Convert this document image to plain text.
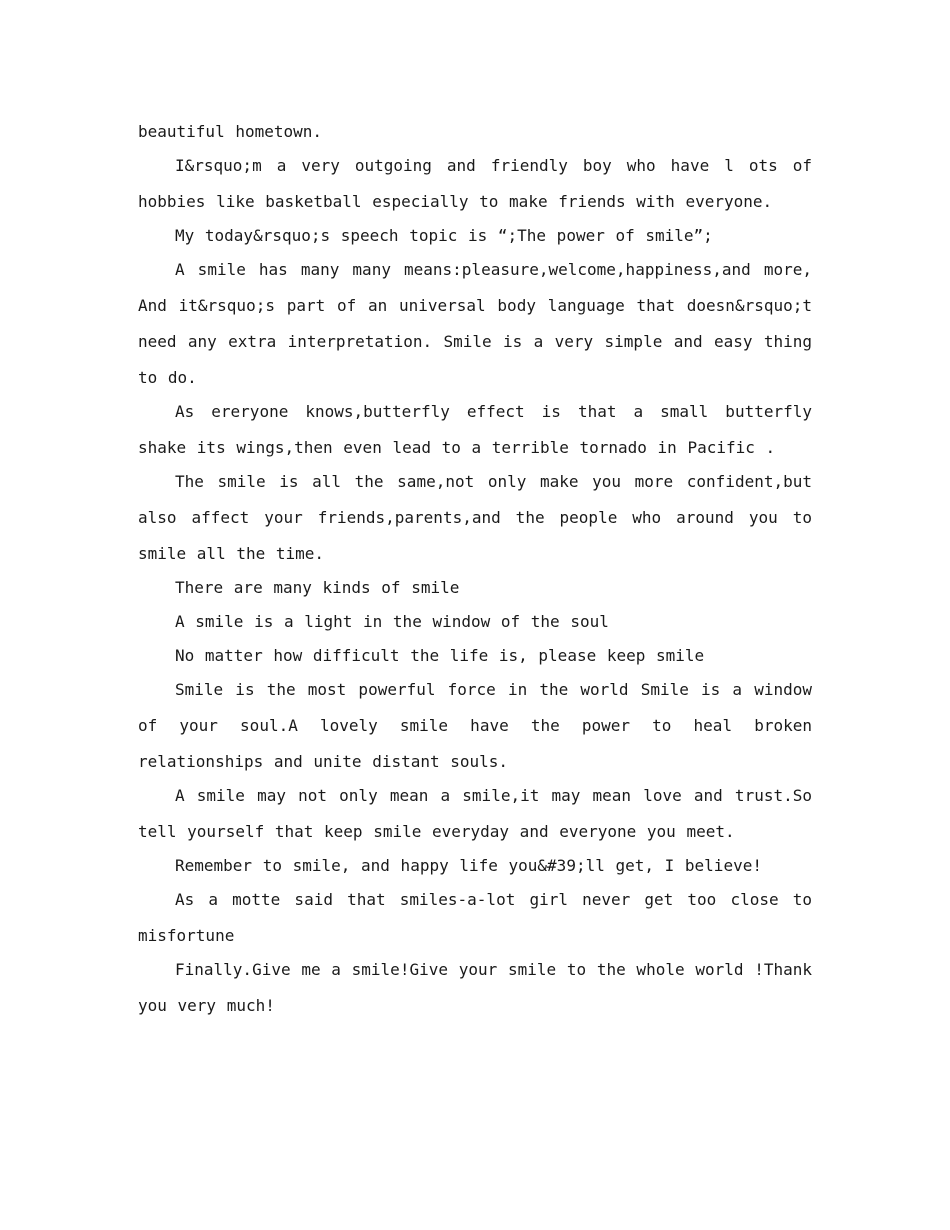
beautiful hometown.

I&rsquo;m a very outgoing and friendly boy who have l ots of hobbies like basketball especially to make friends with everyone.

My today&rsquo;s speech topic is “;The power of smile”;

A smile has many many means:pleasure,welcome,happiness,and more, And it&rsquo;s part of an universal body language that doesn&rsquo;t need any extra interpretation. Smile is a very simple and easy thing to do.

As ereryone knows,butterfly effect is that a small butterfly shake its wings,then even lead to a terrible tornado in Pacific .

The smile is all the same,not only make you more confident,but also affect your friends,parents,and the people who around you to smile all the time.

There are many kinds of smile

A smile is a light in the window of the soul

No matter how difficult the life is, please keep smile

Smile is the most powerful force in the world Smile is a window of your soul.A lovely smile have the power to heal broken relationships and unite distant souls.

A smile may not only mean a smile,it may mean love and trust.So tell yourself that keep smile everyday and everyone you meet.

Remember to smile, and happy life you&#39;ll get, I believe!

As a motte said that smiles-a-lot girl never get too close to misfortune

Finally.Give me a smile!Give your smile to the whole world !Thank you very much!
